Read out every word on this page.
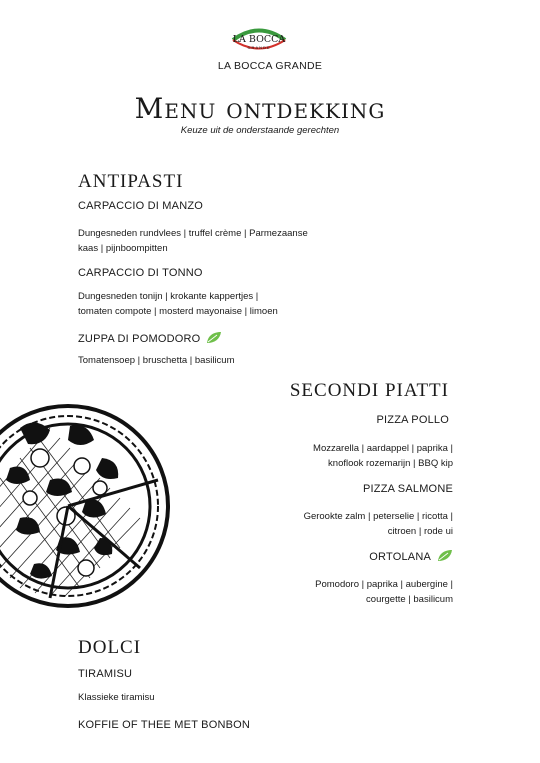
LA BOCCA
GRANDE
LA BOCCA GRANDE
Menu ontdekking
Keuze uit de onderstaande gerechten
ANTIPASTI
CARPACCIO DI MANZO
Dungesneden rundvlees | truffel crème | Parmezaanse
kaas | pijnboompitten
CARPACCIO DI TONNO
Dungesneden tonijn | krokante kappertjes |
tomaten compote | mosterd mayonaise | limoen
ZUPPA DI POMODORO
Tomatensoep | bruschetta | basilicum
SECONDI PIATTI
PIZZA POLLO
Mozzarella | aardappel | paprika |
knoflook rozemarijn | BBQ kip
PIZZA SALMONE
Gerookte zalm | peterselie | ricotta |
citroen | rode ui
ORTOLANA
Pomodoro | paprika | aubergine |
courgette | basilicum
DOLCI
TIRAMISU
Klassieke tiramisu
KOFFIE OF THEE MET BONBON
